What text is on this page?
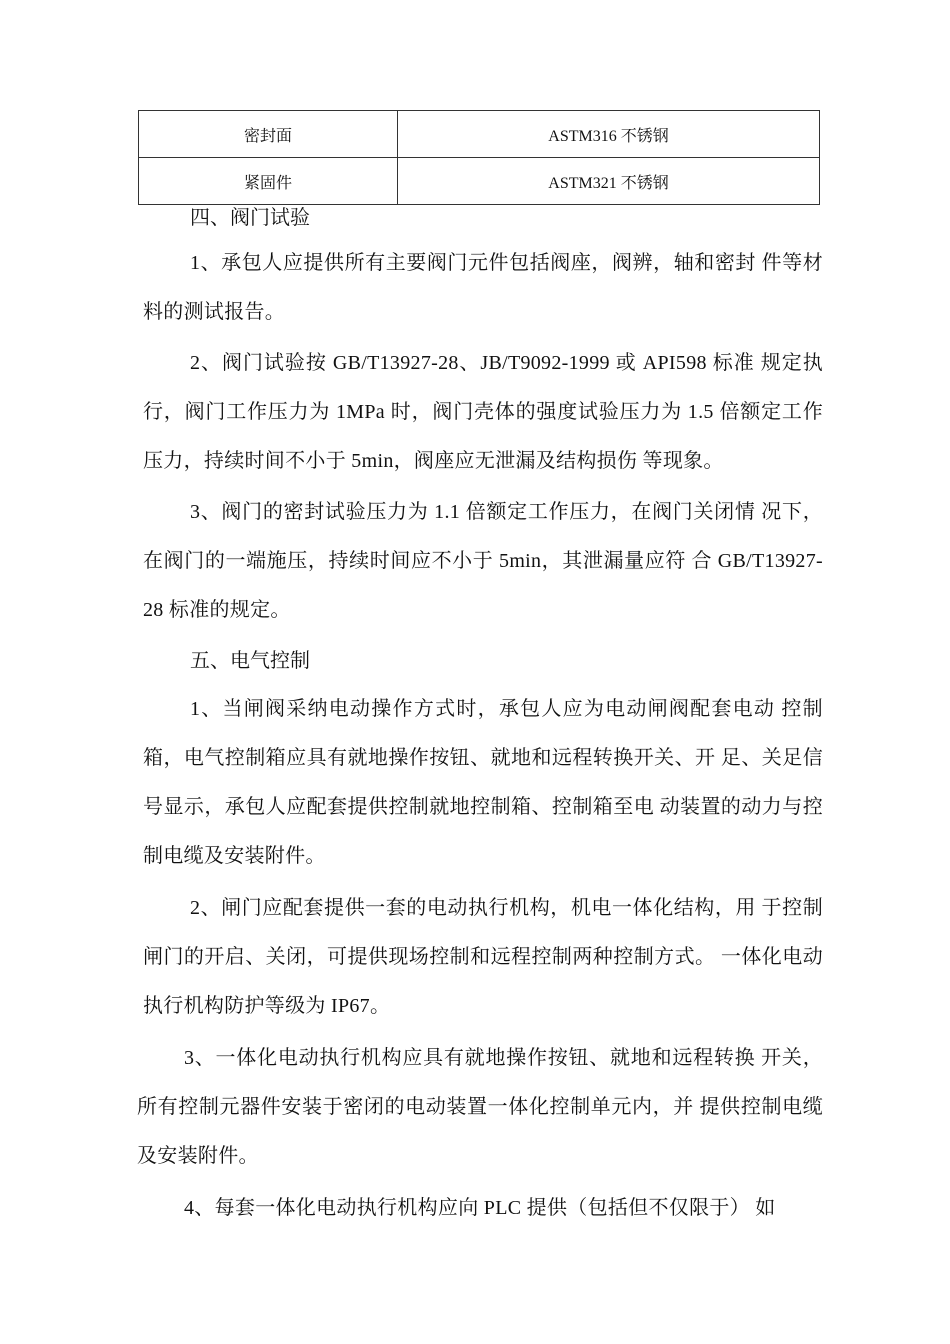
密封面	ASTM316 不锈钢
紧固件	ASTM321 不锈钢
四、阀门试验

1、承包人应提供所有主要阀门元件包括阀座，阀辨，轴和密封 件等材料的测试报告。

2、阀门试验按 GB/T13927-28、JB/T9092-1999 或 API598 标准 规定执行，阀门工作压力为 1MPa 时，阀门壳体的强度试验压力为 1.5 倍额定工作压力，持续时间不小于 5min，阀座应无泄漏及结构损伤 等现象。

3、阀门的密封试验压力为 1.1 倍额定工作压力，在阀门关闭情 况下，在阀门的一端施压，持续时间应不小于 5min，其泄漏量应符 合 GB/T13927-28 标准的规定。

五、电气控制

1、当闸阀采纳电动操作方式时，承包人应为电动闸阀配套电动 控制箱，电气控制箱应具有就地操作按钮、就地和远程转换开关、开 足、关足信号显示，承包人应配套提供控制就地控制箱、控制箱至电 动装置的动力与控制电缆及安装附件。

2、闸门应配套提供一套的电动执行机构，机电一体化结构，用 于控制闸门的开启、关闭，可提供现场控制和远程控制两种控制方式。 一体化电动执行机构防护等级为 IP67。

3、一体化电动执行机构应具有就地操作按钮、就地和远程转换 开关，所有控制元器件安装于密闭的电动装置一体化控制单元内，并 提供控制电缆及安装附件。

4、每套一体化电动执行机构应向 PLC 提供（包括但不仅限于） 如
